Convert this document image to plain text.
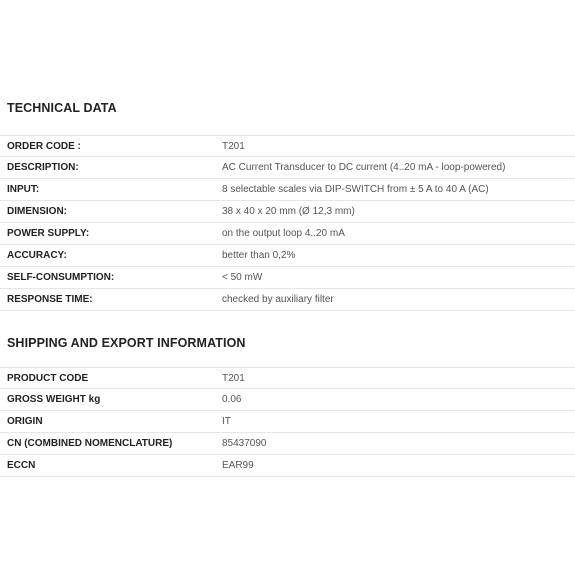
TECHNICAL DATA
ORDER CODE :	T201
DESCRIPTION:	AC Current Transducer to DC current (4..20 mA - loop-powered)
INPUT:	8 selectable scales via DIP-SWITCH from ± 5 A to 40 A (AC)
DIMENSION:	38 x 40 x 20 mm (Ø 12,3 mm)
POWER SUPPLY:	on the output loop 4..20 mA
ACCURACY:	better than 0,2%
SELF-CONSUMPTION:	< 50 mW
RESPONSE TIME:	checked by auxiliary filter
SHIPPING AND EXPORT INFORMATION
PRODUCT CODE	T201
GROSS WEIGHT kg	0.06
ORIGIN	IT
CN (COMBINED NOMENCLATURE)	85437090
ECCN	EAR99
